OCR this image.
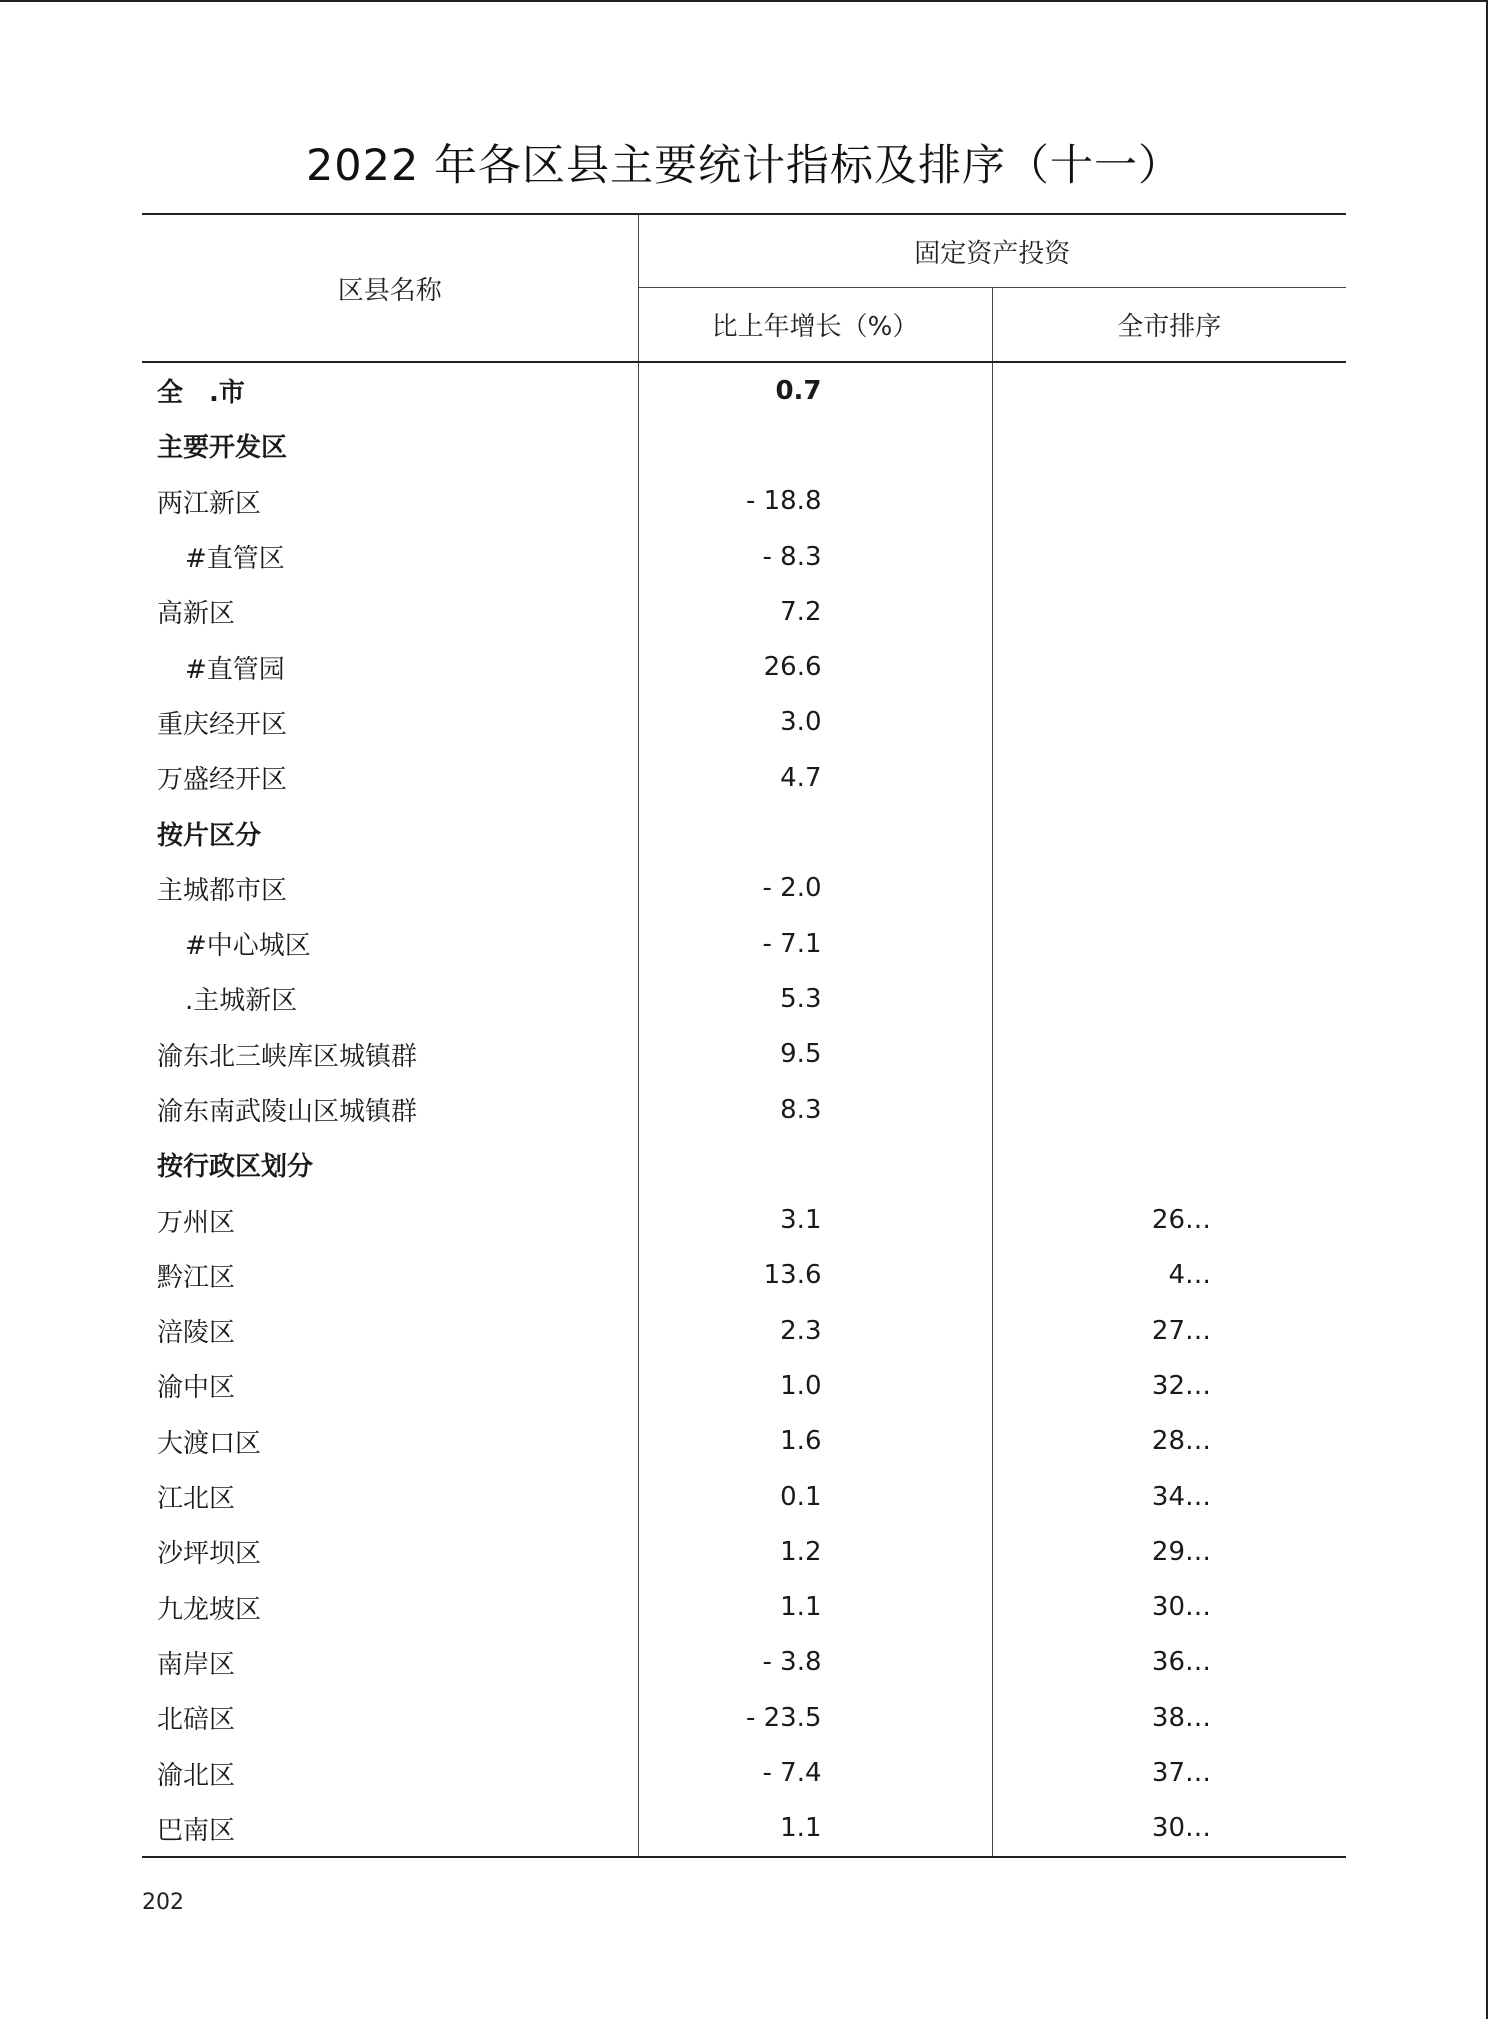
2022 年各区县主要统计指标及排序（十一）
区县名称	固定资产投资	
	比上年增长（%）	全市排序
全　.市	0.7	
主要开发区		
两江新区	- 18.8	
#直管区	- 8.3	
高新区	7.2	
#直管园	26.6	
重庆经开区	3.0	
万盛经开区	4.7	
按片区分		
主城都市区	- 2.0	
#中心城区	- 7.1	
.主城新区	5.3	
渝东北三峡库区城镇群	9.5	
渝东南武陵山区城镇群	8.3	
按行政区划分		
万州区	3.1	26…
黔江区	13.6	4…
涪陵区	2.3	27…
渝中区	1.0	32…
大渡口区	1.6	28…
江北区	0.1	34…
沙坪坝区	1.2	29…
九龙坡区	1.1	30…
南岸区	- 3.8	36…
北碚区	- 23.5	38…
渝北区	- 7.4	37…
巴南区	1.1	30…
202
